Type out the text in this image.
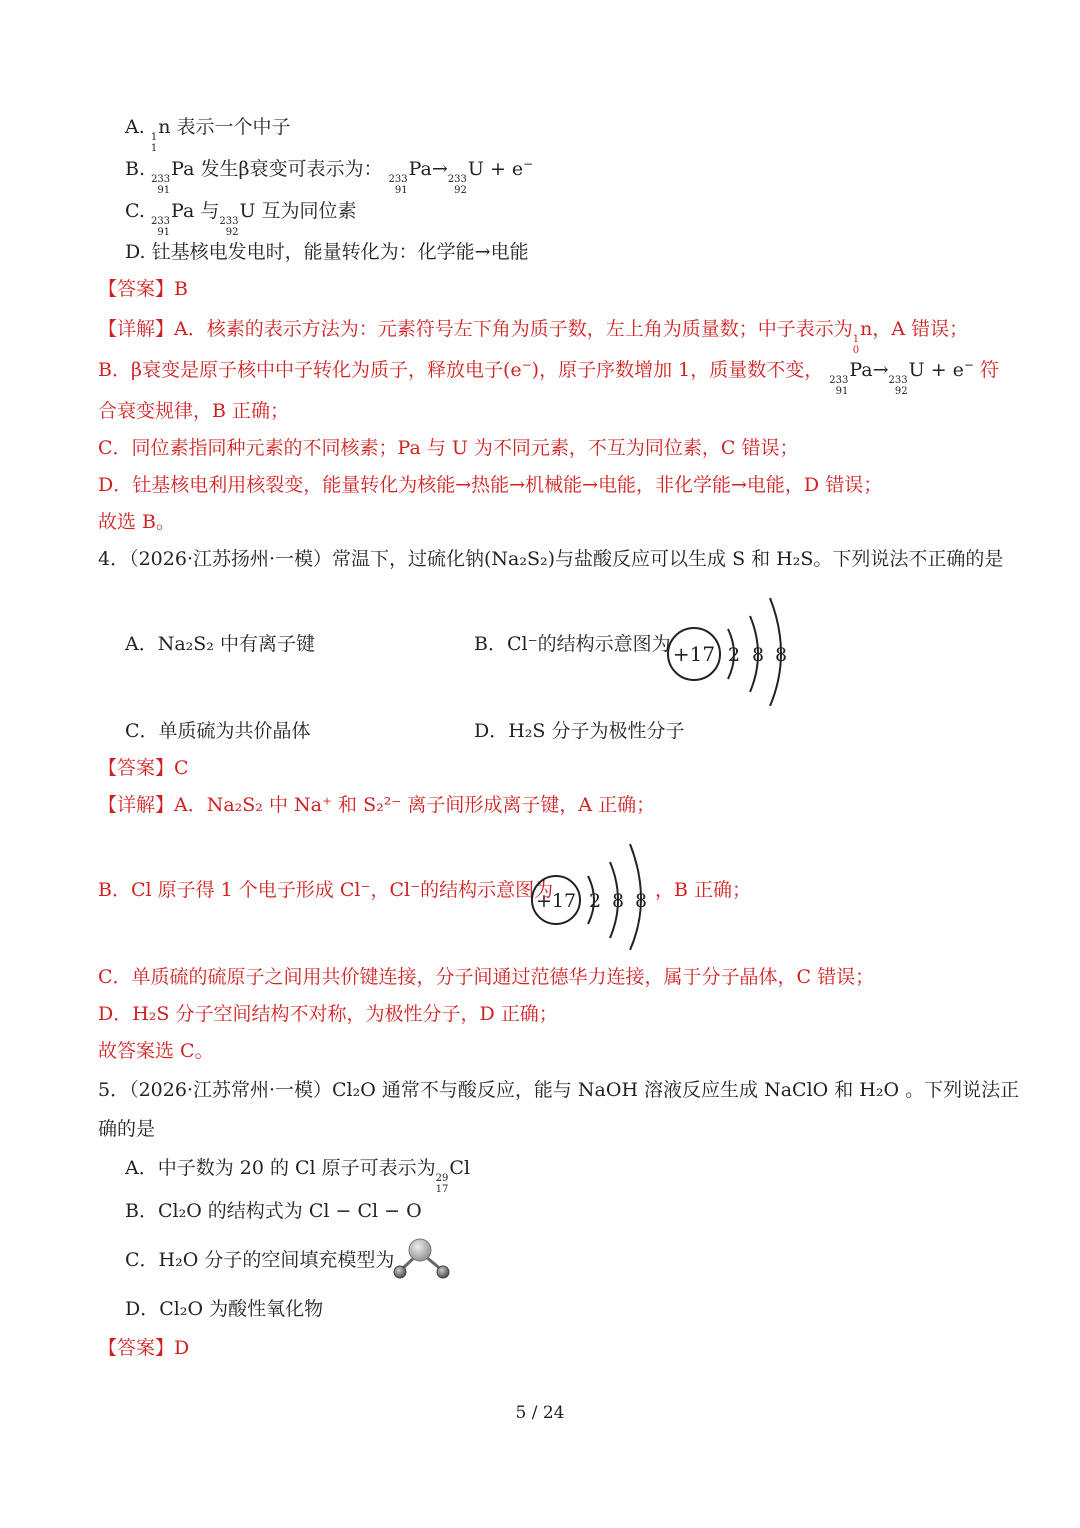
A. 1
1
n 表示一个中子
B. 233
91
Pa 发生β衰变可表示为： 233
91
Pa→ 233
92
U + e−
C. 233
91
Pa 与 233
92
U 互为同位素
D. 钍基核电发电时，能量转化为：化学能→电能
【答案】B
【详解】A．核素的表示方法为：元素符号左下角为质子数，左上角为质量数；中子表示为 1
0
n，A 错误；
B．β衰变是原子核中中子转化为质子，释放电子(e−)，原子序数增加 1，质量数不变， 233
91
Pa→ 233
92
U + e− 符
合衰变规律，B 正确；
C．同位素指同种元素的不同核素；Pa 与 U 为不同元素，不互为同位素，C 错误；
D．钍基核电利用核裂变，能量转化为核能→热能→机械能→电能，非化学能→电能，D 错误；
故选 B。
4．（2026·江苏扬州·一模）常温下，过硫化钠(Na₂S₂)与盐酸反应可以生成 S 和 H₂S。下列说法不正确的是
A．Na₂S₂ 中有离子键	B．Cl⁻的结构示意图为 +17 2 8 8
C．单质硫为共价晶体	D．H₂S 分子为极性分子
【答案】C
【详解】A．Na₂S₂ 中 Na⁺ 和 S₂²⁻ 离子间形成离子键，A 正确；
B．Cl 原子得 1 个电子形成 Cl⁻，Cl⁻的结构示意图为
+17 2 8 8 ，B 正确；
C．单质硫的硫原子之间用共价键连接，分子间通过范德华力连接，属于分子晶体，C 错误；
D．H₂S 分子空间结构不对称，为极性分子，D 正确；
故答案选 C。
5．（2026·江苏常州·一模）Cl₂O 通常不与酸反应，能与 NaOH 溶液反应生成 NaClO 和 H₂O 。下列说法正
确的是
A．中子数为 20 的 Cl 原子可表示为 29
17
Cl
B．Cl₂O 的结构式为 Cl − Cl − O
C．H₂O 分子的空间填充模型为
D．Cl₂O 为酸性氧化物
【答案】D
5 / 24
